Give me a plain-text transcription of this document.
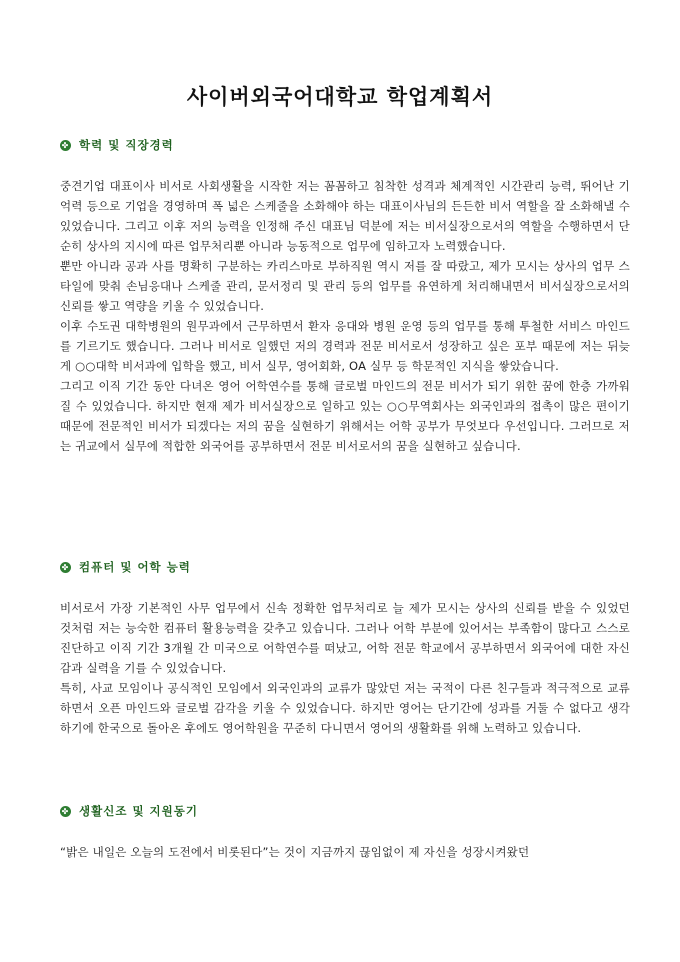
사이버외국어대학교 학업계획서
✤ 학력 및 직장경력

중견기업 대표이사 비서로 사회생활을 시작한 저는 꼼꼼하고 침착한 성격과 체계적인 시간관리 능력, 뛰어난 기억력 등으로 기업을 경영하며 폭 넓은 스케줄을 소화해야 하는 대표이사님의 든든한 비서 역할을 잘 소화해낼 수 있었습니다. 그리고 이후 저의 능력을 인정해 주신 대표님 덕분에 저는 비서실장으로서의 역할을 수행하면서 단순히 상사의 지시에 따른 업무처리뿐 아니라 능동적으로 업무에 임하고자 노력했습니다.

뿐만 아니라 공과 사를 명확히 구분하는 카리스마로 부하직원 역시 저를 잘 따랐고, 제가 모시는 상사의 업무 스타일에 맞춰 손님응대나 스케줄 관리, 문서정리 및 관리 등의 업무를 유연하게 처리해내면서 비서실장으로서의 신뢰를 쌓고 역량을 키울 수 있었습니다.

이후 수도권 대학병원의 원무과에서 근무하면서 환자 응대와 병원 운영 등의 업무를 통해 투철한 서비스 마인드를 기르기도 했습니다. 그러나 비서로 일했던 저의 경력과 전문 비서로서 성장하고 싶은 포부 때문에 저는 뒤늦게 ○○대학 비서과에 입학을 했고, 비서 실무, 영어회화, OA 실무 등 학문적인 지식을 쌓았습니다.

그리고 이직 기간 동안 다녀온 영어 어학연수를 통해 글로벌 마인드의 전문 비서가 되기 위한 꿈에 한층 가까워질 수 있었습니다. 하지만 현재 제가 비서실장으로 일하고 있는 ○○무역회사는 외국인과의 접촉이 많은 편이기 때문에 전문적인 비서가 되겠다는 저의 꿈을 실현하기 위해서는 어학 공부가 무엇보다 우선입니다. 그러므로 저는 귀교에서 실무에 적합한 외국어를 공부하면서 전문 비서로서의 꿈을 실현하고 싶습니다.

✤ 컴퓨터 및 어학 능력

비서로서 가장 기본적인 사무 업무에서 신속 정확한 업무처리로 늘 제가 모시는 상사의 신뢰를 받을 수 있었던 것처럼 저는 능숙한 컴퓨터 활용능력을 갖추고 있습니다. 그러나 어학 부분에 있어서는 부족함이 많다고 스스로 진단하고 이직 기간 3개월 간 미국으로 어학연수를 떠났고, 어학 전문 학교에서 공부하면서 외국어에 대한 자신감과 실력을 기를 수 있었습니다.

특히, 사교 모임이나 공식적인 모임에서 외국인과의 교류가 많았던 저는 국적이 다른 친구들과 적극적으로 교류하면서 오픈 마인드와 글로벌 감각을 키울 수 있었습니다. 하지만 영어는 단기간에 성과를 거둘 수 없다고 생각하기에 한국으로 돌아온 후에도 영어학원을 꾸준히 다니면서 영어의 생활화를 위해 노력하고 있습니다.

✤ 생활신조 및 지원동기

“밝은 내일은 오늘의 도전에서 비롯된다”는 것이 지금까지 끊임없이 제 자신을 성장시켜왔던
